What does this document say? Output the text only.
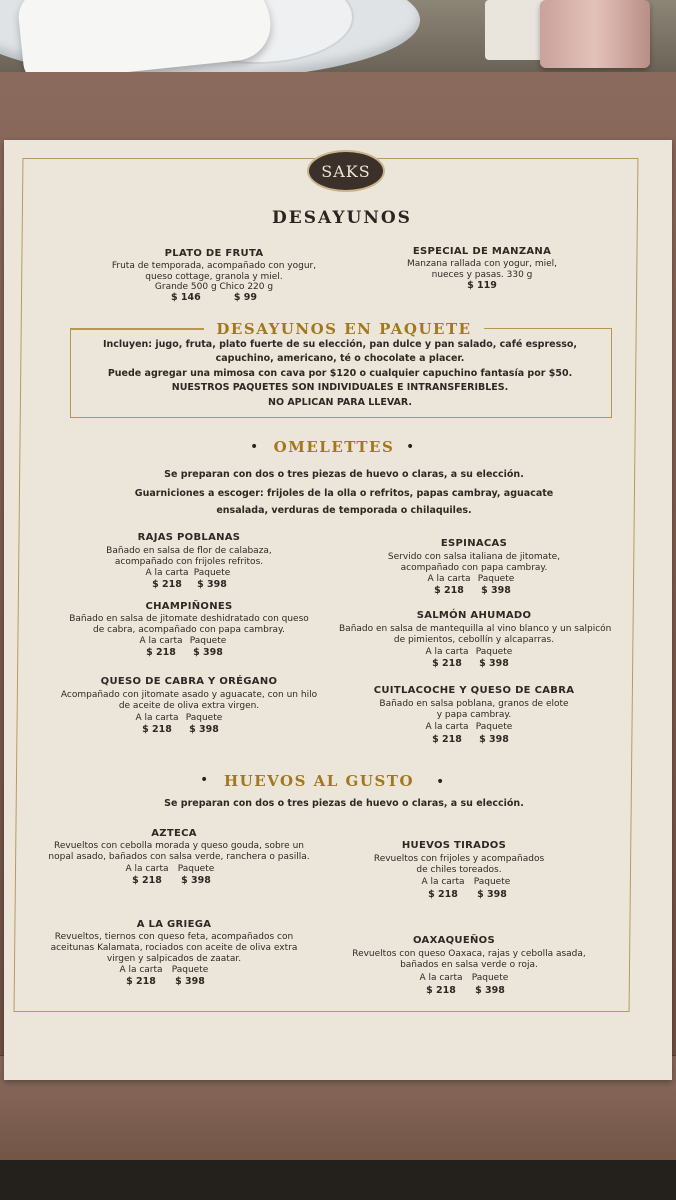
SAKS
DESAYUNOS
PLATO DE FRUTA
Fruta de temporada, acompañado con yogur,
queso cottage, granola y miel.
Grande 500 g Chico 220 g
$ 146          $ 99
ESPECIAL DE MANZANA
Manzana rallada con yogur, miel,
nueces y pasas. 330 g
$ 119
DESAYUNOS EN PAQUETE
Incluyen: jugo, fruta, plato fuerte de su elección, pan dulce y pan salado, café espresso,
capuchino, americano, té o chocolate a placer.
Puede agregar una mimosa con cava por $120 o cualquier capuchino fantasía por $50.
NUESTROS PAQUETES SON INDIVIDUALES E INTRANSFERIBLES.
NO APLICAN PARA LLEVAR.
•	OMELETTES •
Se preparan con dos o tres piezas de huevo o claras, a su elección.
Guarniciones a escoger: frijoles de la olla o refritos, papas cambray, aguacate
ensalada, verduras de temporada o chilaquiles.
RAJAS POBLANAS
Bañado en salsa de flor de calabaza,
acompañado con frijoles refritos.
A la carta Paquete
$ 218	$ 398
ESPINACAS
Servido con salsa italiana de jitomate,
acompañado con papa cambray.
A la carta Paquete
$ 218	$ 398
CHAMPIÑONES
Bañado en salsa de jitomate deshidratado con queso
de cabra, acompañado con papa cambray.
A la carta Paquete
$ 218	$ 398
SALMÓN AHUMADO
Bañado en salsa de mantequilla al vino blanco y un salpicón
de pimientos, cebollín y alcaparras.
A la carta Paquete
$ 218	$ 398
QUESO DE CABRA Y ORÉGANO
Acompañado con jitomate asado y aguacate, con un hilo
de aceite de oliva extra virgen.
A la carta Paquete
$ 218	$ 398
CUITLACOCHE Y QUESO DE CABRA
Bañado en salsa poblana, granos de elote
y papa cambray.
A la carta Paquete
$ 218	$ 398
•	HUEVOS AL GUSTO	•
Se preparan con dos o tres piezas de huevo o claras, a su elección.
AZTECA
Revueltos con cebolla morada y queso gouda, sobre un
nopal asado, bañados con salsa verde, ranchera o pasilla.
A la carta	Paquete
$ 218	$ 398
HUEVOS TIRADOS
Revueltos con frijoles y acompañados
de chiles toreados.
A la carta	Paquete
$ 218	$ 398
A LA GRIEGA
Revueltos, tiernos con queso feta, acompañados con
aceitunas Kalamata, rociados con aceite de oliva extra
virgen y salpicados de zaatar.
A la carta	Paquete
$ 218	$ 398
OAXAQUEÑOS
Revueltos con queso Oaxaca, rajas y cebolla asada,
bañados en salsa verde o roja.
A la carta	Paquete
$ 218	$ 398
